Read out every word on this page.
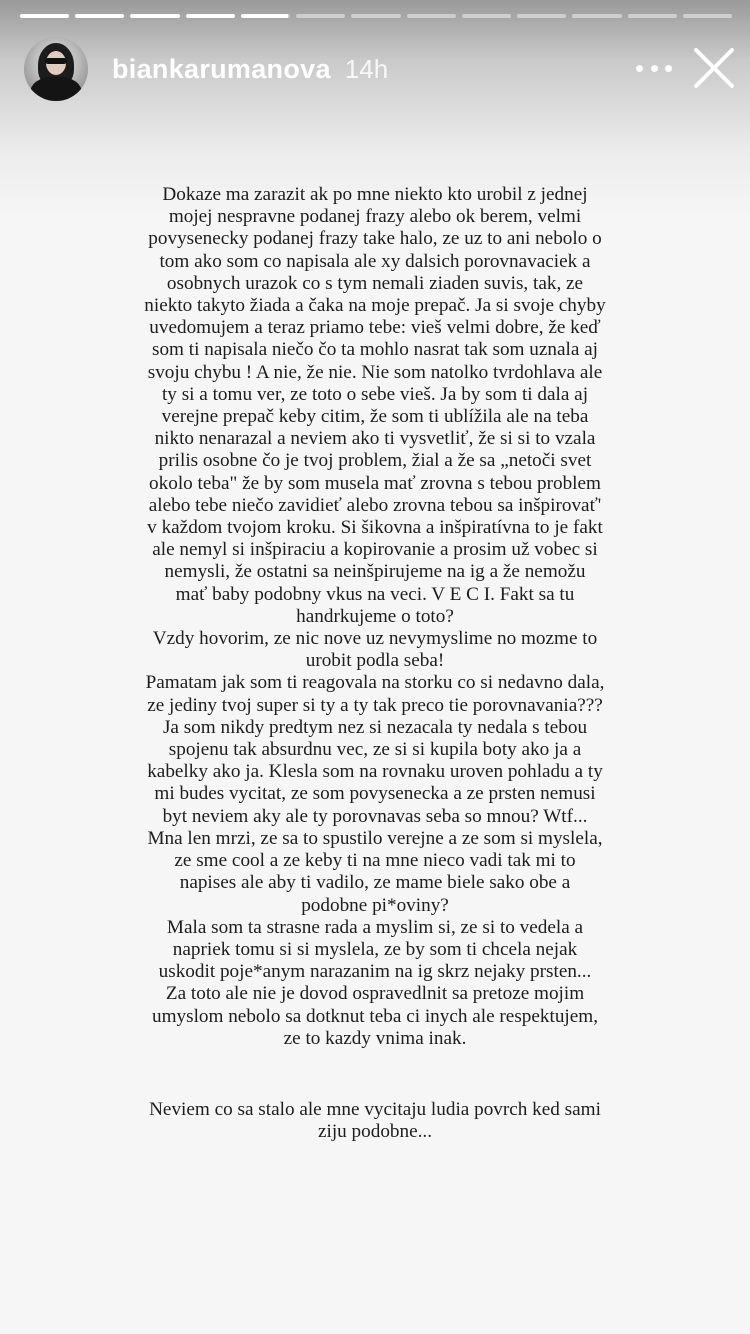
biankarumanova 14h
Dokaze ma zarazit ak po mne niekto kto urobil z jednej
mojej nespravne podanej frazy alebo ok berem, velmi
povysenecky podanej frazy take halo, ze uz to ani nebolo o
tom ako som co napisala ale xy dalsich porovnavaciek a
osobnych urazok co s tym nemali ziaden suvis, tak, ze
niekto takyto žiada a čaka na moje prepač. Ja si svoje chyby
uvedomujem a teraz priamo tebe: vieš velmi dobre, že keď
som ti napisala niečo čo ta mohlo nasrat tak som uznala aj
svoju chybu ! A nie, že nie. Nie som natolko tvrdohlava ale
ty si a tomu ver, ze toto o sebe vieš. Ja by som ti dala aj
verejne prepač keby citim, že som ti ublížila ale na teba
nikto nenarazal a neviem ako ti vysvetliť, že si si to vzala
prilis osobne čo je tvoj problem, žial a že sa „netoči svet
okolo teba" že by som musela mať zrovna s tebou problem
alebo tebe niečo zavidieť alebo zrovna tebou sa inšpirovať'
v každom tvojom kroku. Si šikovna a inšpiratívna to je fakt
ale nemyl si inšpiraciu a kopirovanie a prosim už vobec si
nemysli, že ostatni sa neinšpirujeme na ig a že nemožu
mať baby podobny vkus na veci. V E C I. Fakt sa tu
handrkujeme o toto?
Vzdy hovorim, ze nic nove uz nevymyslime no mozme to
urobit podla seba!
Pamatam jak som ti reagovala na storku co si nedavno dala,
ze jediny tvoj super si ty a ty tak preco tie porovnavania???
Ja som nikdy predtym nez si nezacala ty nedala s tebou
spojenu tak absurdnu vec, ze si si kupila boty ako ja a
kabelky ako ja. Klesla som na rovnaku uroven pohladu a ty
mi budes vycitat, ze som povysenecka a ze prsten nemusi
byt neviem aky ale ty porovnavas seba so mnou? Wtf...
Mna len mrzi, ze sa to spustilo verejne a ze som si myslela,
ze sme cool a ze keby ti na mne nieco vadi tak mi to
napises ale aby ti vadilo, ze mame biele sako obe a
podobne pi*oviny?
Mala som ta strasne rada a myslim si, ze si to vedela a
napriek tomu si si myslela, ze by som ti chcela nejak
uskodit poje*anym narazanim na ig skrz nejaky prsten...
Za toto ale nie je dovod ospravedlnit sa pretoze mojim
umyslom nebolo sa dotknut teba ci inych ale respektujem,
ze to kazdy vnima inak.
Neviem co sa stalo ale mne vycitaju ludia povrch ked sami
ziju podobne...
